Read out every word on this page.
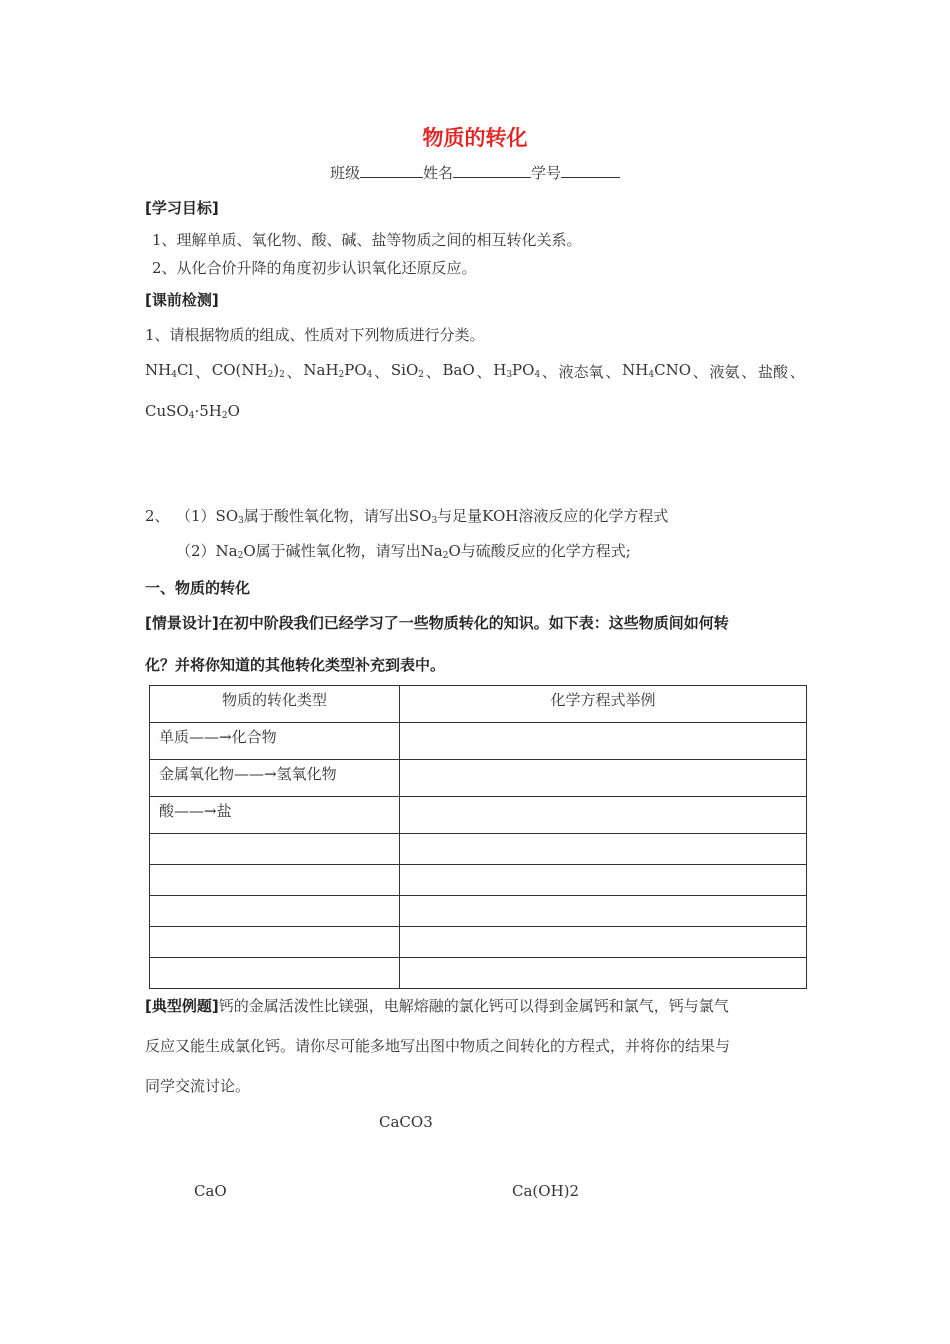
物质的转化
班级	姓名	学号
[学习目标]
1、理解单质、氧化物、酸、碱、盐等物质之间的相互转化关系。
2、从化合价升降的角度初步认识氧化还原反应。
[课前检测]
1、请根据物质的组成、性质对下列物质进行分类。
$NH_4Cl$ 、 $CO(NH_2)_2$ 、 $NaH_2PO_4$ 、 SiO$_2$ 、 BaO 、 $H_3PO_4$ 、 液态氧 、 $NH_4CNO$ 、 液氨 、 盐酸 、
$CuSO_4\cdot 5H_2O$
2、 $(1)SO_3$属于酸性氧化物，请写出$SO_3$与足量KOH溶液反应的化学方程式
$(2)Na_2O$属于碱性氧化物，请写出$Na_2O$与硫酸反应的化学方程式;
一、物质的转化
[情景设计]在初中阶段我们已经学习了一些物质转化的知识。如下表：这些物质间如何转
化？并将你知道的其他转化类型补充到表中。
物质的转化类型	化学方程式举例
单质——→化合物	
金属氧化物——→氢氧化物	
酸——→盐	

[典型例题]钙的金属活泼性比镁强，电解熔融的氯化钙可以得到金属钙和氯气，钙与氯气
反应又能生成氯化钙。请你尽可能多地写出图中物质之间转化的方程式，并将你的结果与
同学交流讨论。
CaCO3
CaO	Ca(OH)2
